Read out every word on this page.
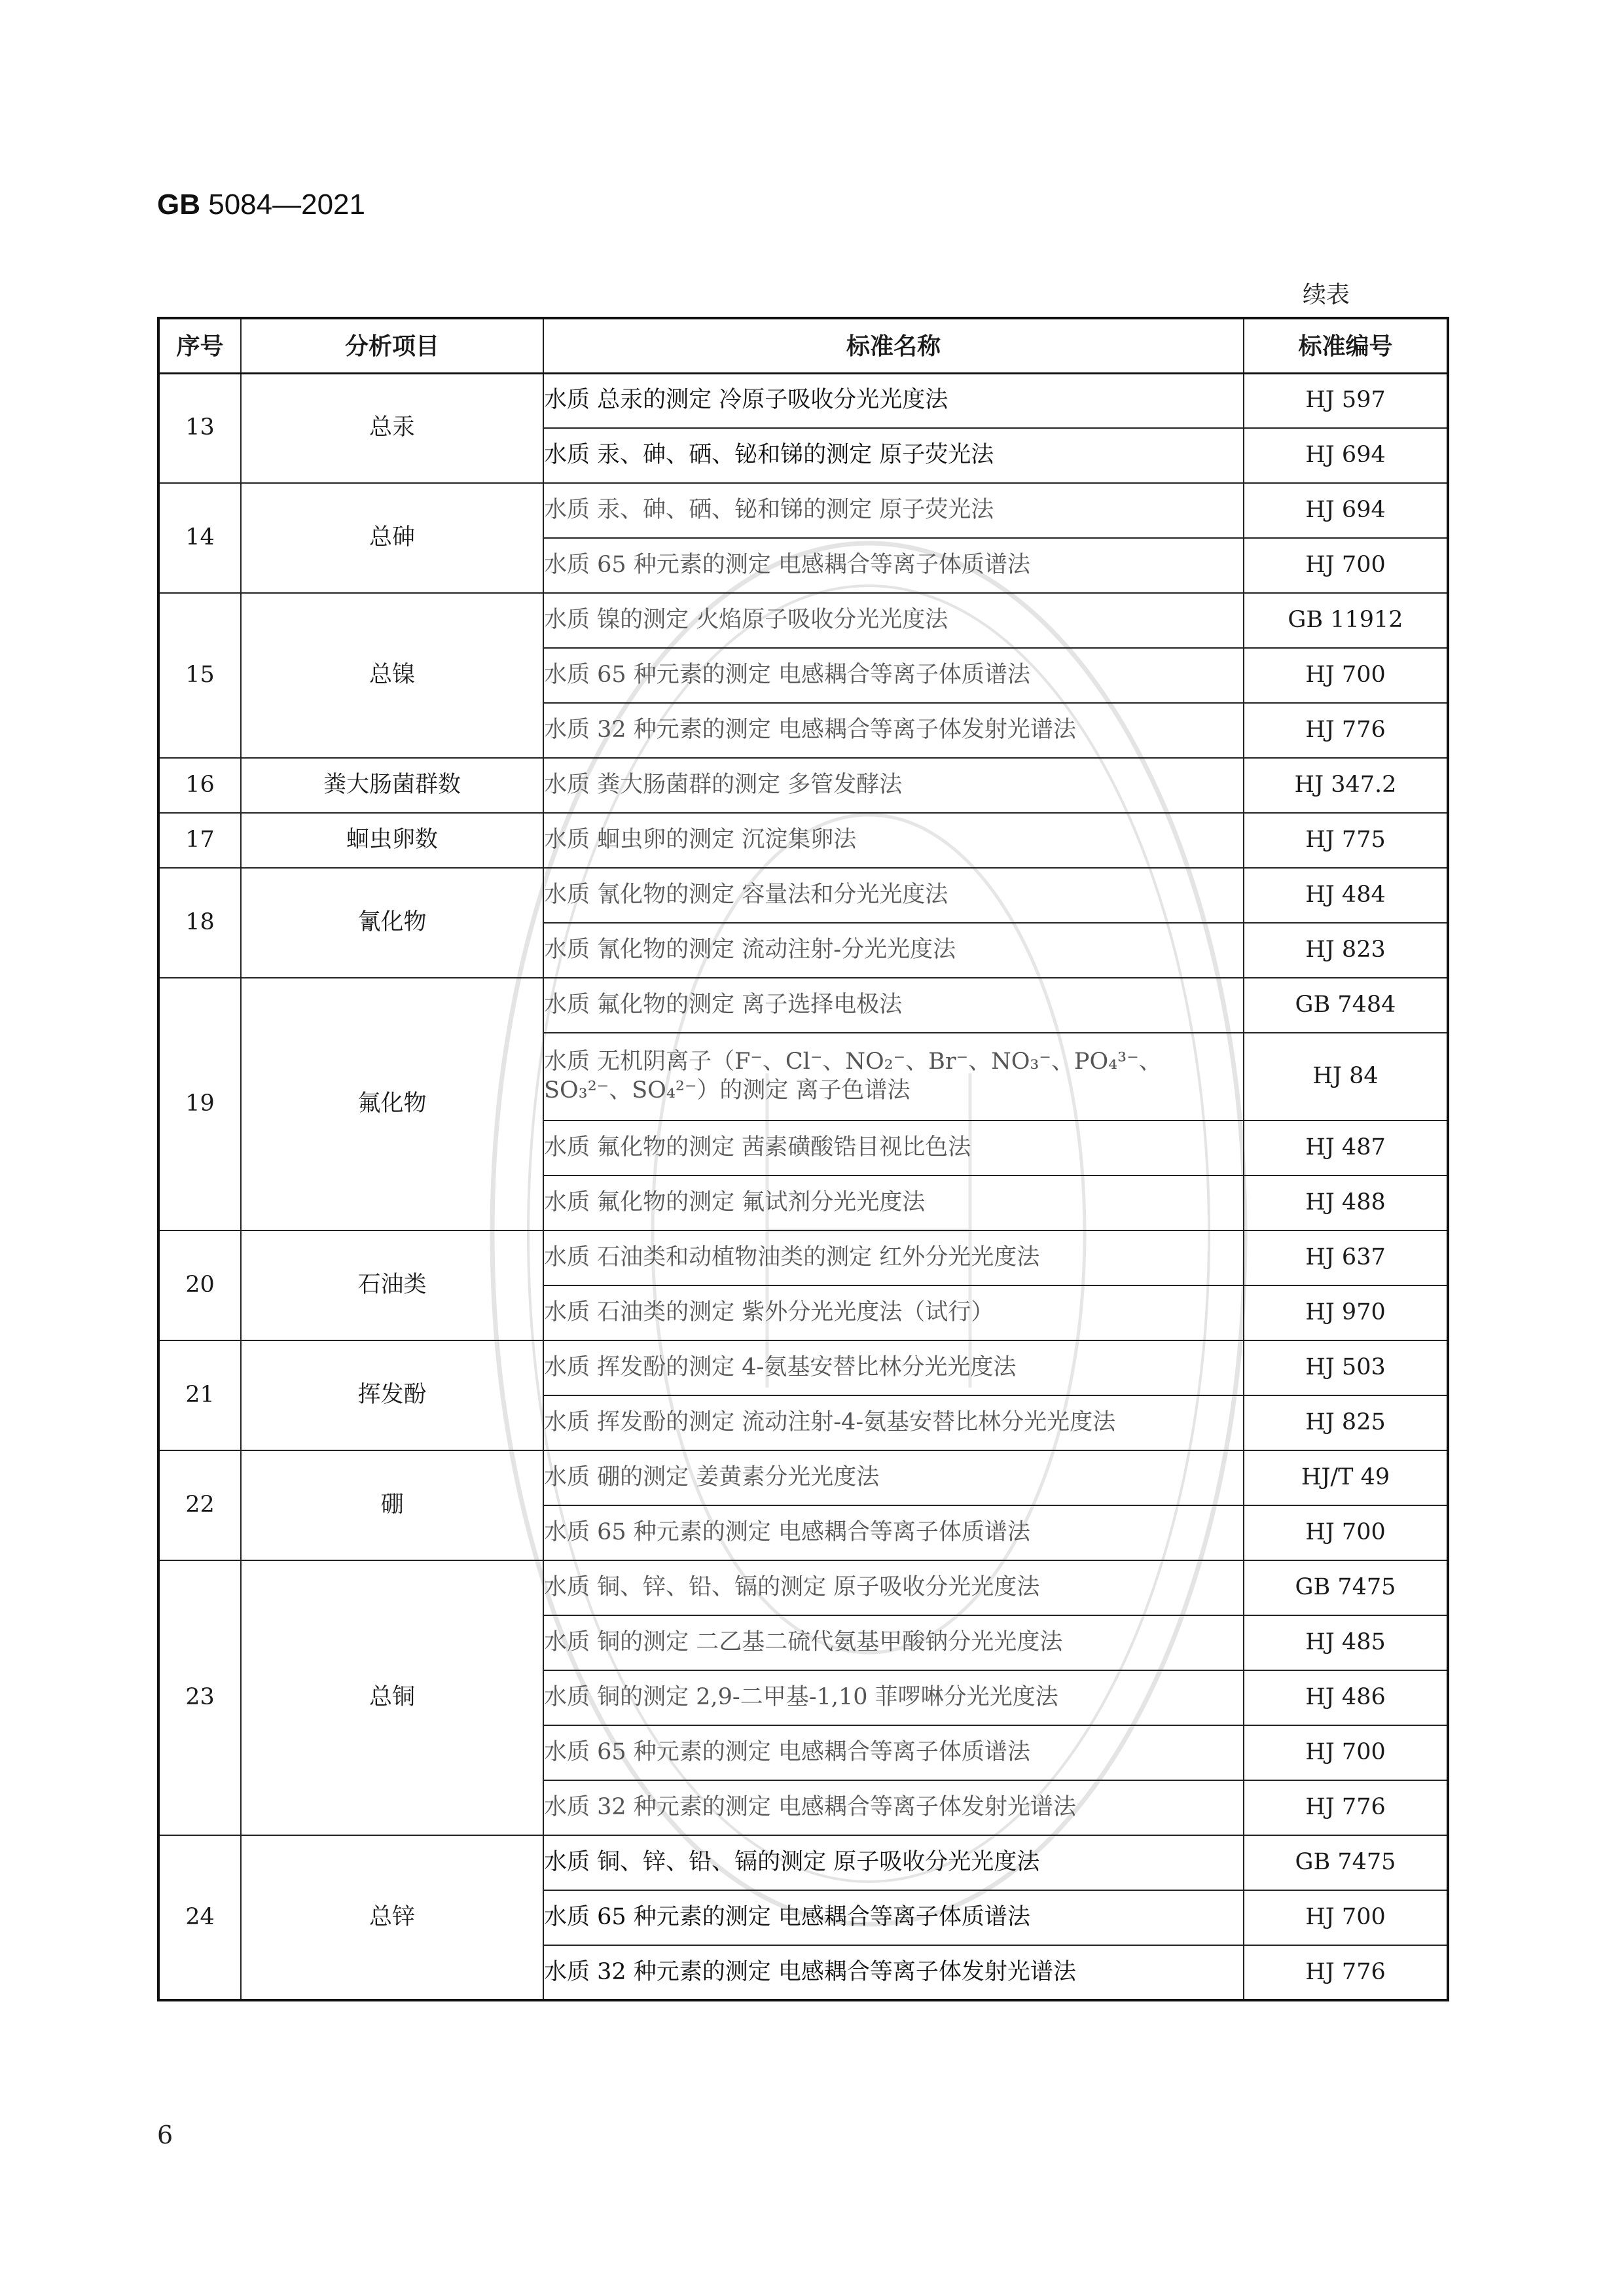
GB 5084—2021
续表
序号	分析项目	标准名称	标准编号
13	总汞	水质 总汞的测定 冷原子吸收分光光度法	HJ 597
		水质 汞、砷、硒、铋和锑的测定 原子荧光法	HJ 694
14	总砷	水质 汞、砷、硒、铋和锑的测定 原子荧光法	HJ 694
		水质 65 种元素的测定 电感耦合等离子体质谱法	HJ 700
15	总镍	水质 镍的测定 火焰原子吸收分光光度法	GB 11912
		水质 65 种元素的测定 电感耦合等离子体质谱法	HJ 700
		水质 32 种元素的测定 电感耦合等离子体发射光谱法	HJ 776
16	粪大肠菌群数	水质 粪大肠菌群的测定 多管发酵法	HJ 347.2
17	蛔虫卵数	水质 蛔虫卵的测定 沉淀集卵法	HJ 775
18	氰化物	水质 氰化物的测定 容量法和分光光度法	HJ 484
		水质 氰化物的测定 流动注射-分光光度法	HJ 823
19	氟化物	水质 氟化物的测定 离子选择电极法	GB 7484
		水质 无机阴离子（F⁻、Cl⁻、NO₂⁻、Br⁻、NO₃⁻、PO₄³⁻、SO₃²⁻、SO₄²⁻）的测定 离子色谱法	HJ 84
		水质 氟化物的测定 茜素磺酸锆目视比色法	HJ 487
		水质 氟化物的测定 氟试剂分光光度法	HJ 488
20	石油类	水质 石油类和动植物油类的测定 红外分光光度法	HJ 637
		水质 石油类的测定 紫外分光光度法（试行）	HJ 970
21	挥发酚	水质 挥发酚的测定 4-氨基安替比林分光光度法	HJ 503
		水质 挥发酚的测定 流动注射-4-氨基安替比林分光光度法	HJ 825
22	硼	水质 硼的测定 姜黄素分光光度法	HJ/T 49
		水质 65 种元素的测定 电感耦合等离子体质谱法	HJ 700
23	总铜	水质 铜、锌、铅、镉的测定 原子吸收分光光度法	GB 7475
		水质 铜的测定 二乙基二硫代氨基甲酸钠分光光度法	HJ 485
		水质 铜的测定 2,9-二甲基-1,10 菲啰啉分光光度法	HJ 486
		水质 65 种元素的测定 电感耦合等离子体质谱法	HJ 700
		水质 32 种元素的测定 电感耦合等离子体发射光谱法	HJ 776
24	总锌	水质 铜、锌、铅、镉的测定 原子吸收分光光度法	GB 7475
		水质 65 种元素的测定 电感耦合等离子体质谱法	HJ 700
		水质 32 种元素的测定 电感耦合等离子体发射光谱法	HJ 776
6
